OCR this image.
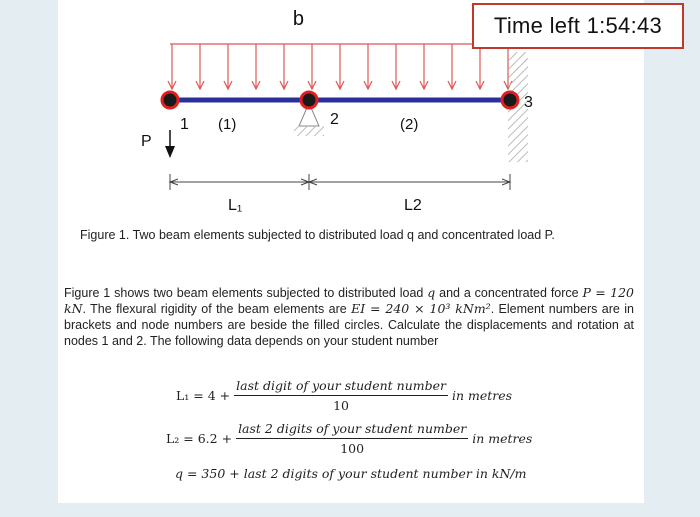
q
1	2
3
(1)	(2)
P
L₁	L2
Time left 1:54:43
Figure 1. Two beam elements subjected to distributed load q and concentrated load P.
Figure 1 shows two beam elements subjected to distributed load q and a concentrated force P = 120 kN. The flexural rigidity of the beam elements are EI = 240 × 10³ kNm². Element numbers are in brackets and node numbers are beside the filled circles. Calculate the displacements and rotation at nodes 1 and 2. The following data depends on your student number
$L_1 = 4 + \frac{\text{last digit of your student number}}{10}$ in metres
$L_2 = 6.2 + \frac{\text{last 2 digits of your student number}}{100}$ in metres
q = 350 + last 2 digits of your student number in kN/m
